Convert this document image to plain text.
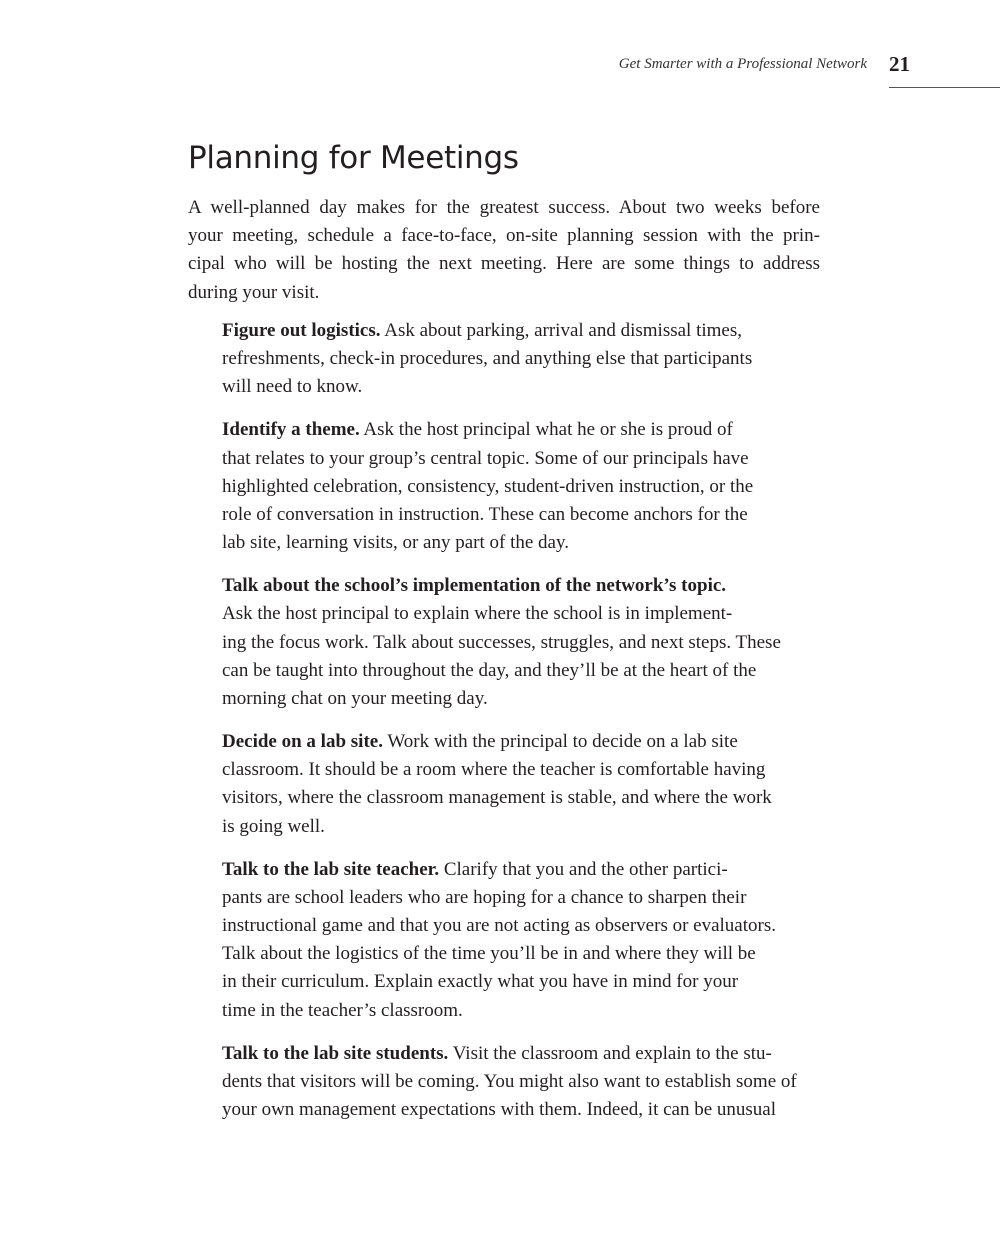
Get Smarter with a Professional Network 21
Planning for Meetings
A well-planned day makes for the greatest success. About two weeks before
your meeting, schedule a face-to-face, on-site planning session with the prin-
cipal who will be hosting the next meeting. Here are some things to address
during your visit.
Figure out logistics. Ask about parking, arrival and dismissal times,
refreshments, check-in procedures, and anything else that participants
will need to know.
Identify a theme. Ask the host principal what he or she is proud of
that relates to your group’s central topic. Some of our principals have
highlighted celebration, consistency, student-driven instruction, or the
role of conversation in instruction. These can become anchors for the
lab site, learning visits, or any part of the day.
Talk about the school’s implementation of the network’s topic.
Ask the host principal to explain where the school is in implement-
ing the focus work. Talk about successes, struggles, and next steps. These
can be taught into throughout the day, and they’ll be at the heart of the
morning chat on your meeting day.
Decide on a lab site. Work with the principal to decide on a lab site
classroom. It should be a room where the teacher is comfortable having
visitors, where the classroom management is stable, and where the work
is going well.
Talk to the lab site teacher. Clarify that you and the other partici-
pants are school leaders who are hoping for a chance to sharpen their
instructional game and that you are not acting as observers or evaluators.
Talk about the logistics of the time you’ll be in and where they will be
in their curriculum. Explain exactly what you have in mind for your
time in the teacher’s classroom.
Talk to the lab site students. Visit the classroom and explain to the stu-
dents that visitors will be coming. You might also want to establish some of
your own management expectations with them. Indeed, it can be unusual
